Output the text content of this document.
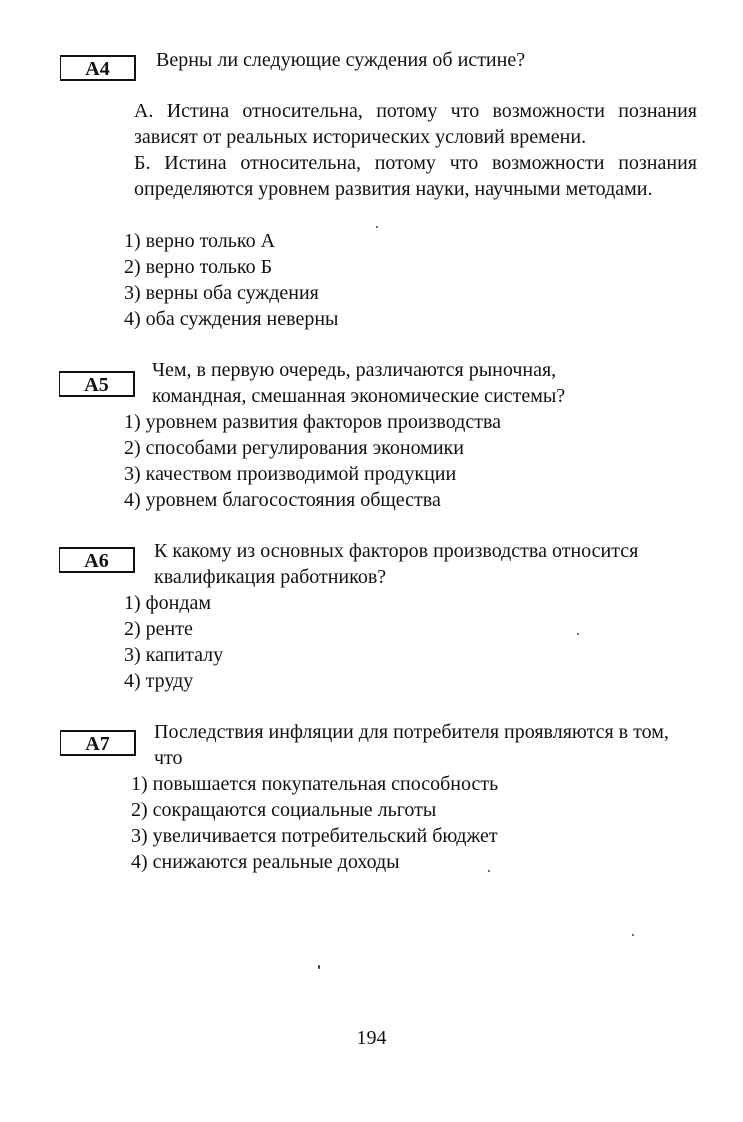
А4	Верны ли следующие суждения об истине?

А. Истина относительна, потому что возможности познания зависят от реальных исторических условий времени.

Б. Истина относительна, потому что возможности познания определяются уровнем развития науки, научными методами.

1) верно только А
2) верно только Б
3) верны оба суждения
4) оба суждения неверны
А5

Чем, в первую очередь, различаются рыночная, командная, смешанная экономические системы?

1) уровнем развития факторов производства
2) способами регулирования экономики
3) качеством производимой продукции
4) уровнем благосостояния общества
А6	К какому из основных факторов производства относится квалификация работников?

1) фондам
2) ренте
3) капиталу
4) труду
А7

Последствия инфляции для потребителя проявляются в том, что

1) повышается покупательная способность
2) сокращаются социальные льготы
3) увеличивается потребительский бюджет
4) снижаются реальные доходы
194
